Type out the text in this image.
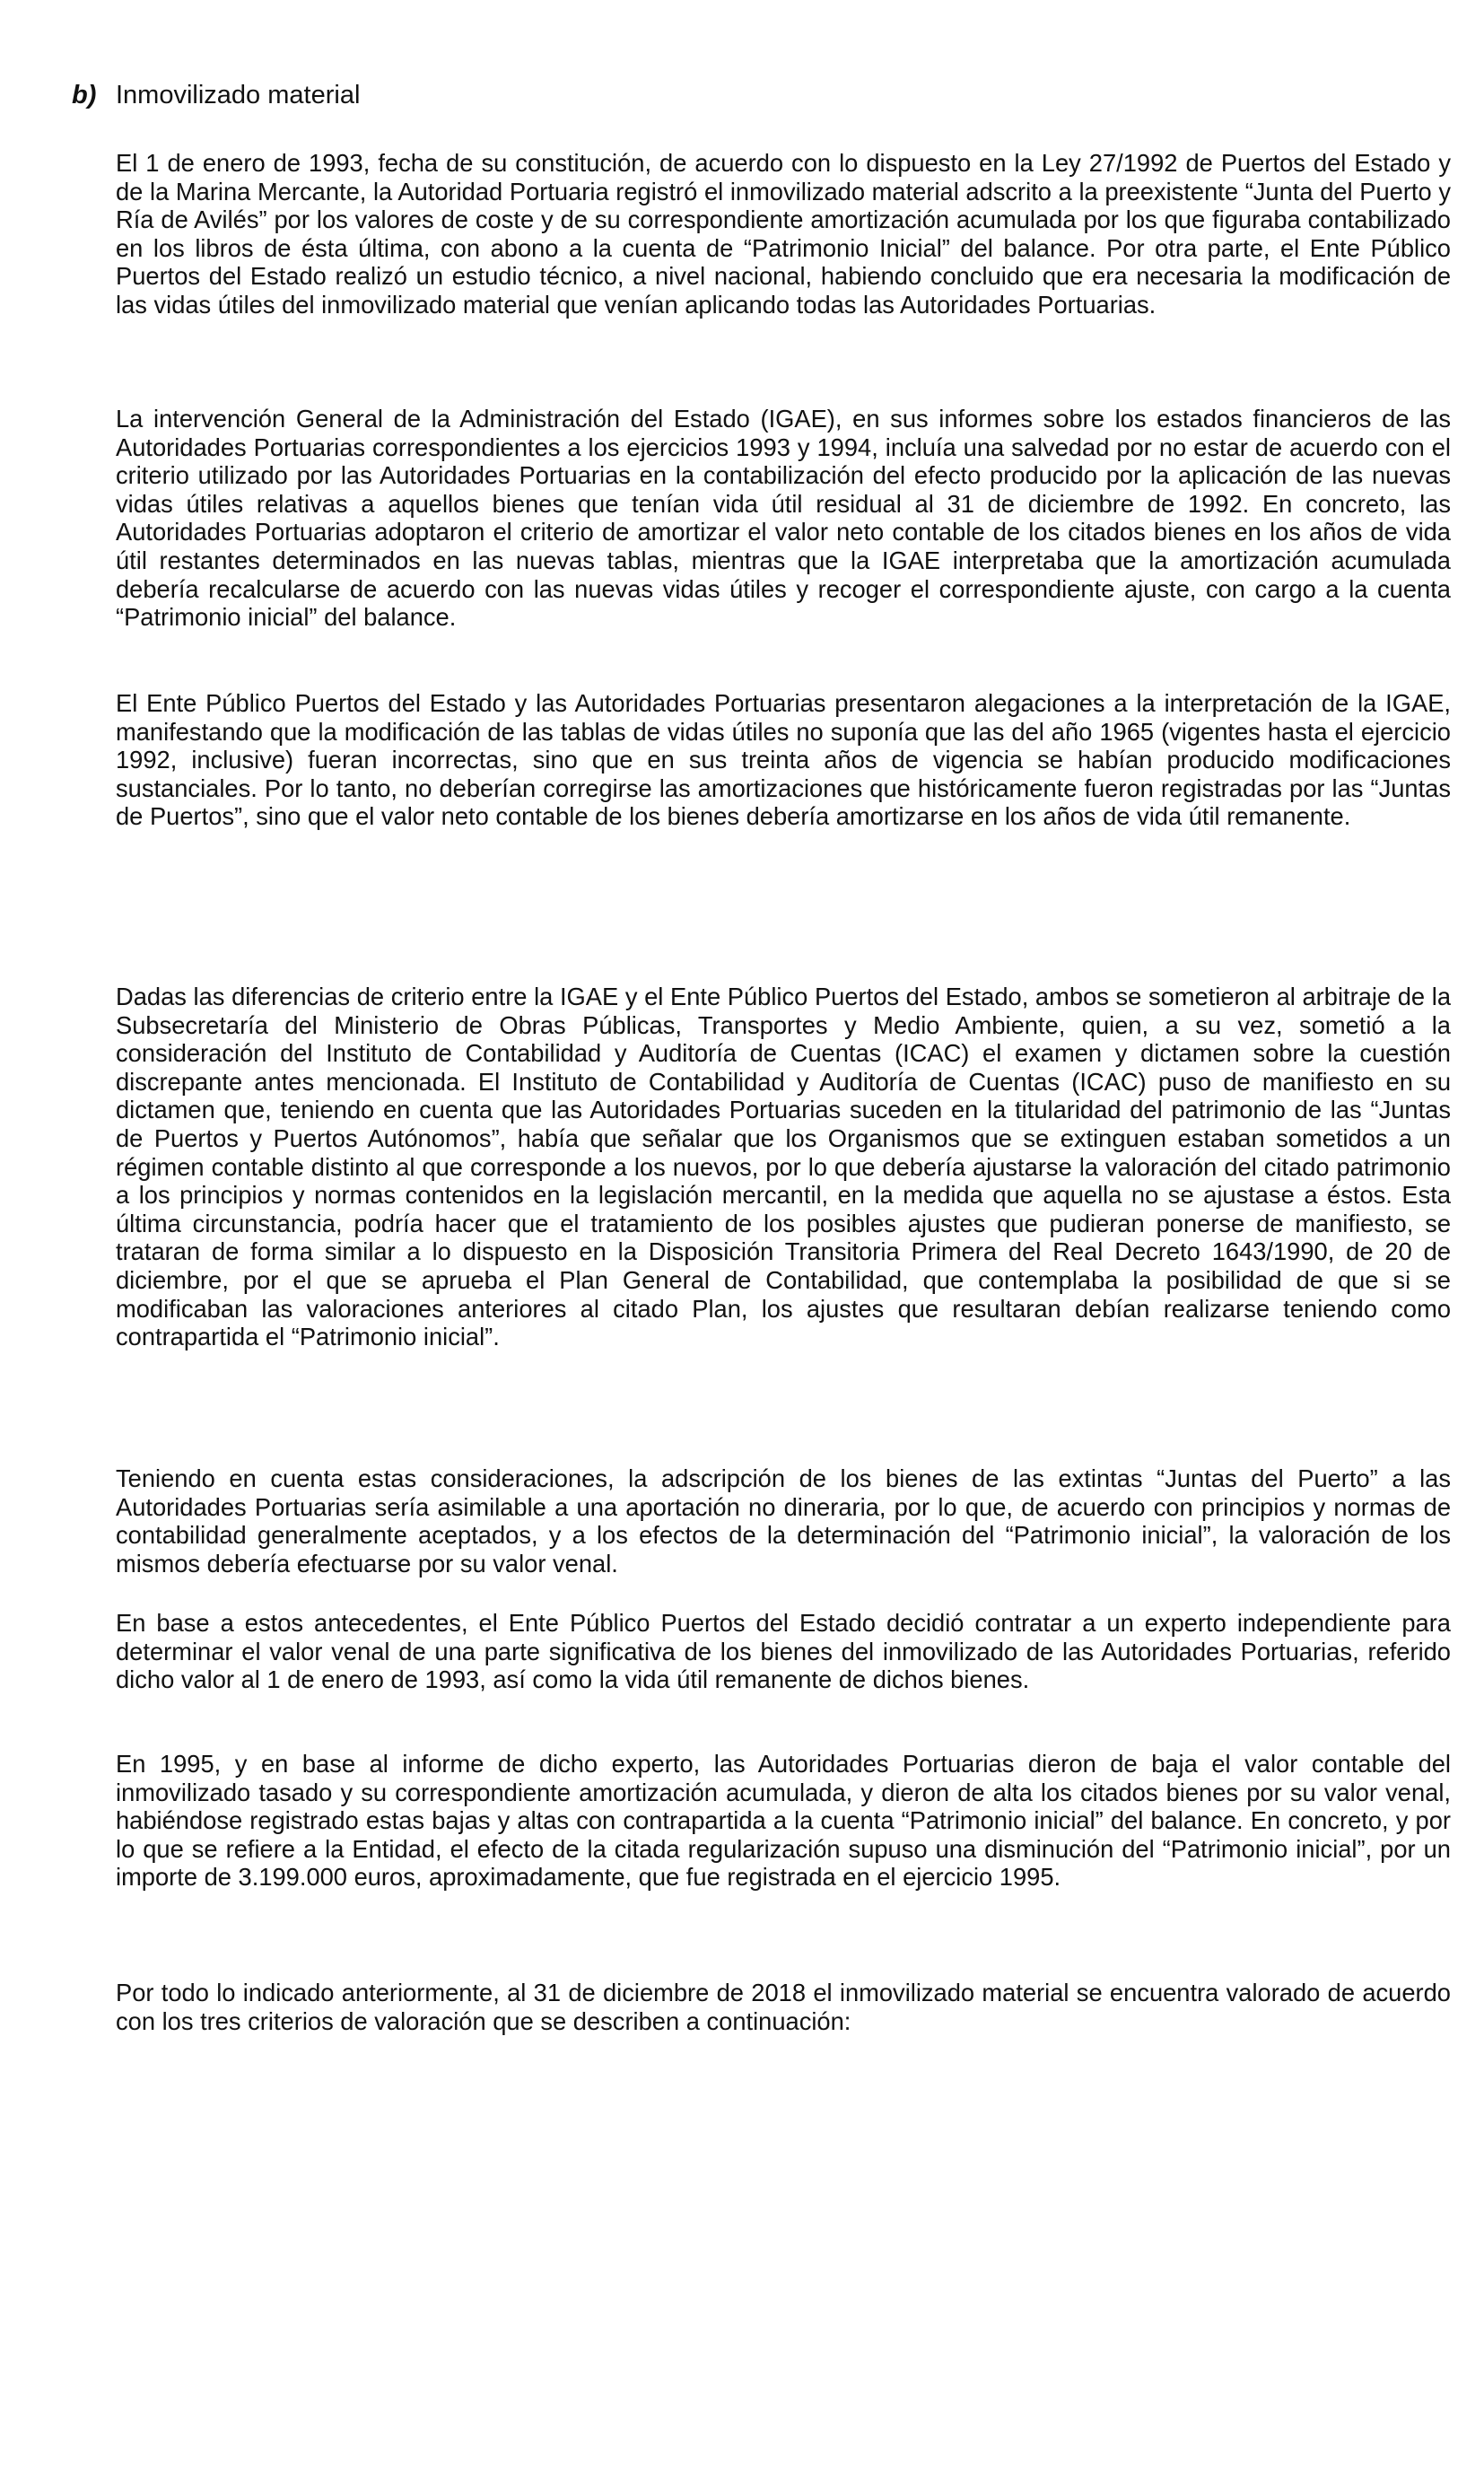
b) Inmovilizado material

El 1 de enero de 1993, fecha de su constitución, de acuerdo con lo dispuesto en la Ley 27/1992 de Puertos del Estado y de la Marina Mercante, la Autoridad Portuaria registró el inmovilizado material adscrito a la preexistente “Junta del Puerto y Ría de Avilés” por los valores de coste y de su correspondiente amortización acumulada por los que figuraba contabilizado en los libros de ésta última, con abono a la cuenta de “Patrimonio Inicial” del balance. Por otra parte, el Ente Público Puertos del Estado realizó un estudio técnico, a nivel nacional, habiendo concluido que era necesaria la modificación de las vidas útiles del inmovilizado material que venían aplicando todas las Autoridades Portuarias.

La intervención General de la Administración del Estado (IGAE), en sus informes sobre los estados financieros de las Autoridades Portuarias correspondientes a los ejercicios 1993 y 1994, incluía una salvedad por no estar de acuerdo con el criterio utilizado por las Autoridades Portuarias en la contabilización del efecto producido por la aplicación de las nuevas vidas útiles relativas a aquellos bienes que tenían vida útil residual al 31 de diciembre de 1992. En concreto, las Autoridades Portuarias adoptaron el criterio de amortizar el valor neto contable de los citados bienes en los años de vida útil restantes determinados en las nuevas tablas, mientras que la IGAE interpretaba que la amortización acumulada debería recalcularse de acuerdo con las nuevas vidas útiles y recoger el correspondiente ajuste, con cargo a la cuenta “Patrimonio inicial” del balance.

El Ente Público Puertos del Estado y las Autoridades Portuarias presentaron alegaciones a la interpretación de la IGAE, manifestando que la modificación de las tablas de vidas útiles no suponía que las del año 1965 (vigentes hasta el ejercicio 1992, inclusive) fueran incorrectas, sino que en sus treinta años de vigencia se habían producido modificaciones sustanciales. Por lo tanto, no deberían corregirse las amortizaciones que históricamente fueron registradas por las “Juntas de Puertos”, sino que el valor neto contable de los bienes debería amortizarse en los años de vida útil remanente.

Dadas las diferencias de criterio entre la IGAE y el Ente Público Puertos del Estado, ambos se sometieron al arbitraje de la Subsecretaría del Ministerio de Obras Públicas, Transportes y Medio Ambiente, quien, a su vez, sometió a la consideración del Instituto de Contabilidad y Auditoría de Cuentas (ICAC) el examen y dictamen sobre la cuestión discrepante antes mencionada. El Instituto de Contabilidad y Auditoría de Cuentas (ICAC) puso de manifiesto en su dictamen que, teniendo en cuenta que las Autoridades Portuarias suceden en la titularidad del patrimonio de las “Juntas de Puertos y Puertos Autónomos”, había que señalar que los Organismos que se extinguen estaban sometidos a un régimen contable distinto al que corresponde a los nuevos, por lo que debería ajustarse la valoración del citado patrimonio a los principios y normas contenidos en la legislación mercantil, en la medida que aquella no se ajustase a éstos. Esta última circunstancia, podría hacer que el tratamiento de los posibles ajustes que pudieran ponerse de manifiesto, se trataran de forma similar a lo dispuesto en la Disposición Transitoria Primera del Real Decreto 1643/1990, de 20 de diciembre, por el que se aprueba el Plan General de Contabilidad, que contemplaba la posibilidad de que si se modificaban las valoraciones anteriores al citado Plan, los ajustes que resultaran debían realizarse teniendo como contrapartida el “Patrimonio inicial”.

Teniendo en cuenta estas consideraciones, la adscripción de los bienes de las extintas “Juntas del Puerto” a las Autoridades Portuarias sería asimilable a una aportación no dineraria, por lo que, de acuerdo con principios y normas de contabilidad generalmente aceptados, y a los efectos de la determinación del “Patrimonio inicial”, la valoración de los mismos debería efectuarse por su valor venal.

En base a estos antecedentes, el Ente Público Puertos del Estado decidió contratar a un experto independiente para determinar el valor venal de una parte significativa de los bienes del inmovilizado de las Autoridades Portuarias, referido dicho valor al 1 de enero de 1993, así como la vida útil remanente de dichos bienes.

En 1995, y en base al informe de dicho experto, las Autoridades Portuarias dieron de baja el valor contable del inmovilizado tasado y su correspondiente amortización acumulada, y dieron de alta los citados bienes por su valor venal, habiéndose registrado estas bajas y altas con contrapartida a la cuenta “Patrimonio inicial” del balance. En concreto, y por lo que se refiere a la Entidad, el efecto de la citada regularización supuso una disminución del “Patrimonio inicial”, por un importe de 3.199.000 euros, aproximadamente, que fue registrada en el ejercicio 1995.

Por todo lo indicado anteriormente, al 31 de diciembre de 2018 el inmovilizado material se encuentra valorado de acuerdo con los tres criterios de valoración que se describen a continuación:
